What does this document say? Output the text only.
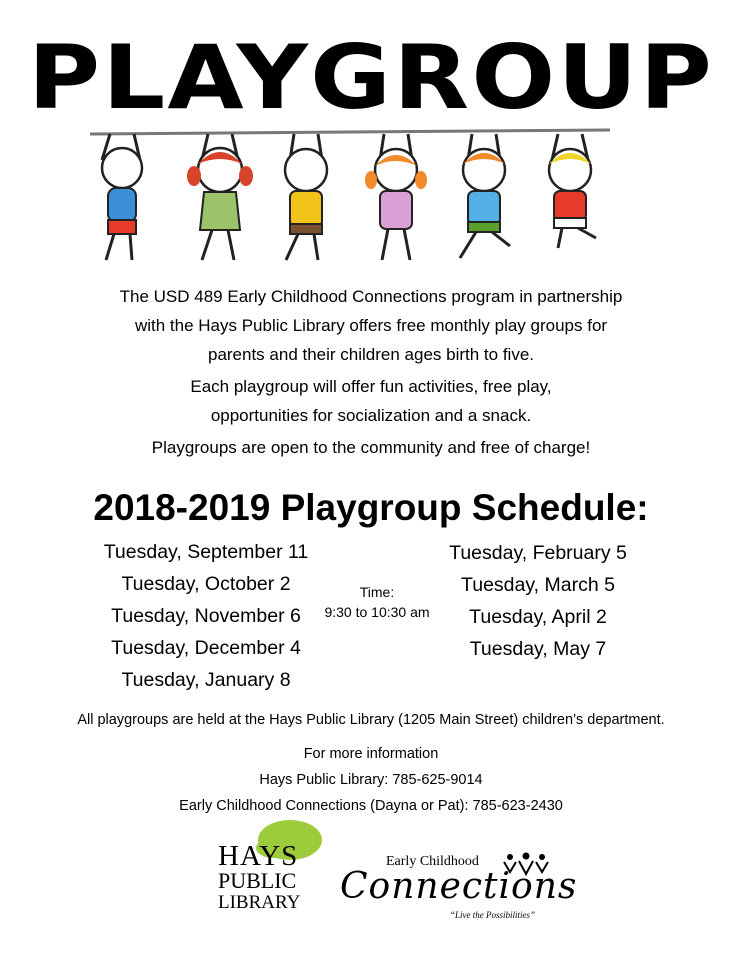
PLAYGROUP
The USD 489 Early Childhood Connections program in partnership
with the Hays Public Library offers free monthly play groups for
parents and their children ages birth to five.
Each playgroup will offer fun activities, free play,
opportunities for socialization and a snack.
Playgroups are open to the community and free of charge!
2018-2019 Playgroup Schedule:
Tuesday, September 11
Tuesday, October 2
Tuesday, November 6
Tuesday, December 4
Tuesday, January 8
Time:
9:30 to 10:30 am
Tuesday, February 5
Tuesday, March 5
Tuesday, April 2
Tuesday, May 7
All playgroups are held at the Hays Public Library (1205 Main Street) children’s department.
For more information
Hays Public Library: 785-625-9014
Early Childhood Connections (Dayna or Pat): 785-623-2430
HAYS
PUBLIC
LIBRARY
Early Childhood
Connections
“Live the Possibilities”
